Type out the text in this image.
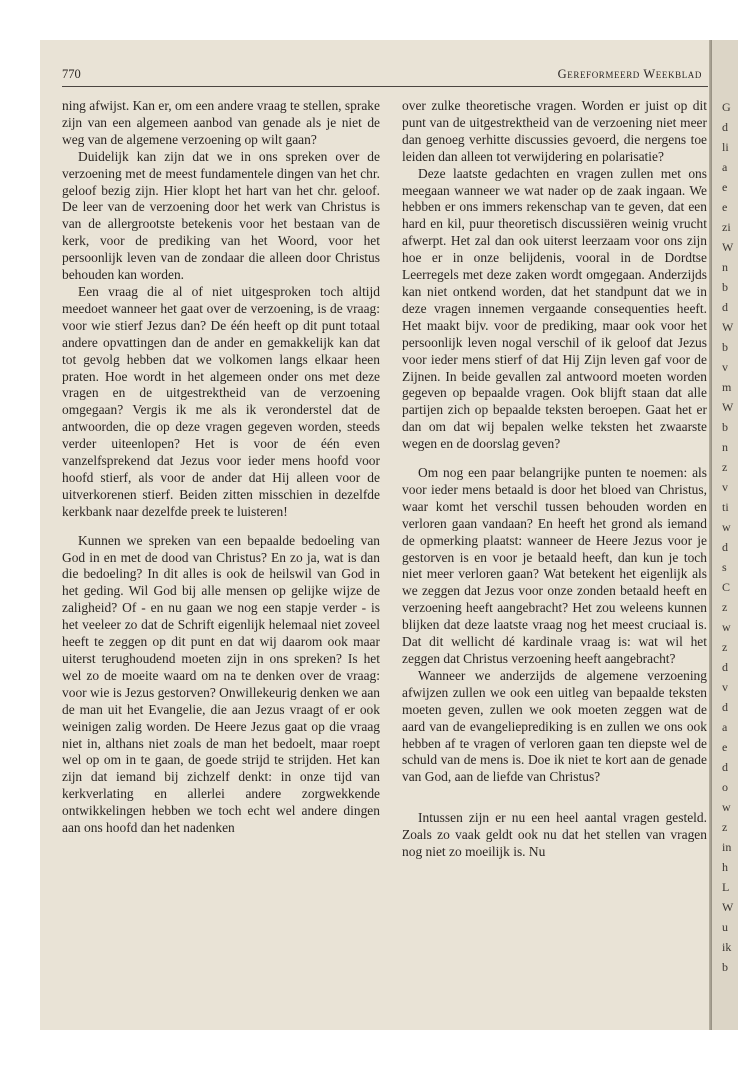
770	Gereformeerd Weekblad

ning afwijst. Kan er, om een andere vraag te stellen, sprake zijn van een algemeen aanbod van genade als je niet de weg van de algemene verzoening op wilt gaan?

Duidelijk kan zijn dat we in ons spreken over de verzoening met de meest fundamentele dingen van het chr. geloof bezig zijn. Hier klopt het hart van het chr. geloof. De leer van de verzoening door het werk van Christus is van de allergrootste betekenis voor het bestaan van de kerk, voor de prediking van het Woord, voor het persoonlijk leven van de zondaar die alleen door Christus behouden kan worden.

Een vraag die al of niet uitgesproken toch altijd meedoet wanneer het gaat over de verzoening, is de vraag: voor wie stierf Jezus dan? De één heeft op dit punt totaal andere opvattingen dan de ander en gemakkelijk kan dat tot gevolg hebben dat we volkomen langs elkaar heen praten. Hoe wordt in het algemeen onder ons met deze vragen en de uitgestrektheid van de verzoening omgegaan? Vergis ik me als ik veronderstel dat de antwoorden, die op deze vragen gegeven worden, steeds verder uiteenlopen? Het is voor de één even vanzelfsprekend dat Jezus voor ieder mens hoofd voor hoofd stierf, als voor de ander dat Hij alleen voor de uitverkorenen stierf. Beiden zitten misschien in dezelfde kerkbank naar dezelfde preek te luisteren!

Kunnen we spreken van een bepaalde bedoeling van God in en met de dood van Christus? En zo ja, wat is dan die bedoeling? In dit alles is ook de heilswil van God in het geding. Wil God bij alle mensen op gelijke wijze de zaligheid? Of - en nu gaan we nog een stapje verder - is het veeleer zo dat de Schrift eigenlijk helemaal niet zoveel heeft te zeggen op dit punt en dat wij daarom ook maar uiterst terughoudend moeten zijn in ons spreken? Is het wel zo de moeite waard om na te denken over de vraag: voor wie is Jezus gestorven? Onwillekeurig denken we aan de man uit het Evangelie, die aan Jezus vraagt of er ook weinigen zalig worden. De Heere Jezus gaat op die vraag niet in, althans niet zoals de man het bedoelt, maar roept wel op om in te gaan, de goede strijd te strijden. Het kan zijn dat iemand bij zichzelf denkt: in onze tijd van kerkverlating en allerlei andere zorgwekkende ontwikkelingen hebben we toch echt wel andere dingen aan ons hoofd dan het nadenken

over zulke theoretische vragen. Worden er juist op dit punt van de uitgestrektheid van de verzoening niet meer dan genoeg verhitte discussies gevoerd, die nergens toe leiden dan alleen tot verwijdering en polarisatie?

Deze laatste gedachten en vragen zullen met ons meegaan wanneer we wat nader op de zaak ingaan. We hebben er ons immers rekenschap van te geven, dat een hard en kil, puur theoretisch discussiëren weinig vrucht afwerpt. Het zal dan ook uiterst leerzaam voor ons zijn hoe er in onze belijdenis, vooral in de Dordtse Leerregels met deze zaken wordt omgegaan. Anderzijds kan niet ontkend worden, dat het standpunt dat we in deze vragen innemen vergaande consequenties heeft. Het maakt bijv. voor de prediking, maar ook voor het persoonlijk leven nogal verschil of ik geloof dat Jezus voor ieder mens stierf of dat Hij Zijn leven gaf voor de Zijnen. In beide gevallen zal antwoord moeten worden gegeven op bepaalde vragen. Ook blijft staan dat alle partijen zich op bepaalde teksten beroepen. Gaat het er dan om dat wij bepalen welke teksten het zwaarste wegen en de doorslag geven?

Om nog een paar belangrijke punten te noemen: als voor ieder mens betaald is door het bloed van Christus, waar komt het verschil tussen behouden worden en verloren gaan vandaan? En heeft het grond als iemand de opmerking plaatst: wanneer de Heere Jezus voor je gestorven is en voor je betaald heeft, dan kun je toch niet meer verloren gaan? Wat betekent het eigenlijk als we zeggen dat Jezus voor onze zonden betaald heeft en verzoening heeft aangebracht? Het zou weleens kunnen blijken dat deze laatste vraag nog het meest cruciaal is. Dat dit wellicht dé kardinale vraag is: wat wil het zeggen dat Christus verzoening heeft aangebracht?

Wanneer we anderzijds de algemene verzoening afwijzen zullen we ook een uitleg van bepaalde teksten moeten geven, zullen we ook moeten zeggen wat de aard van de evangelieprediking is en zullen we ons ook hebben af te vragen of verloren gaan ten diepste wel de schuld van de mens is. Doe ik niet te kort aan de genade van God, aan de liefde van Christus?

Intussen zijn er nu een heel aantal vragen gesteld. Zoals zo vaak geldt ook nu dat het stellen van vragen nog niet zo moeilijk is. Nu

G
d
li
a
e
e
zi
W
n
b
d
W
b
v
m
W
b
n
z
v
ti
w
d
s
C
z
w
z
d
v
d
a
e
d
o
w
z
in
h
L
W
u
ik
b
